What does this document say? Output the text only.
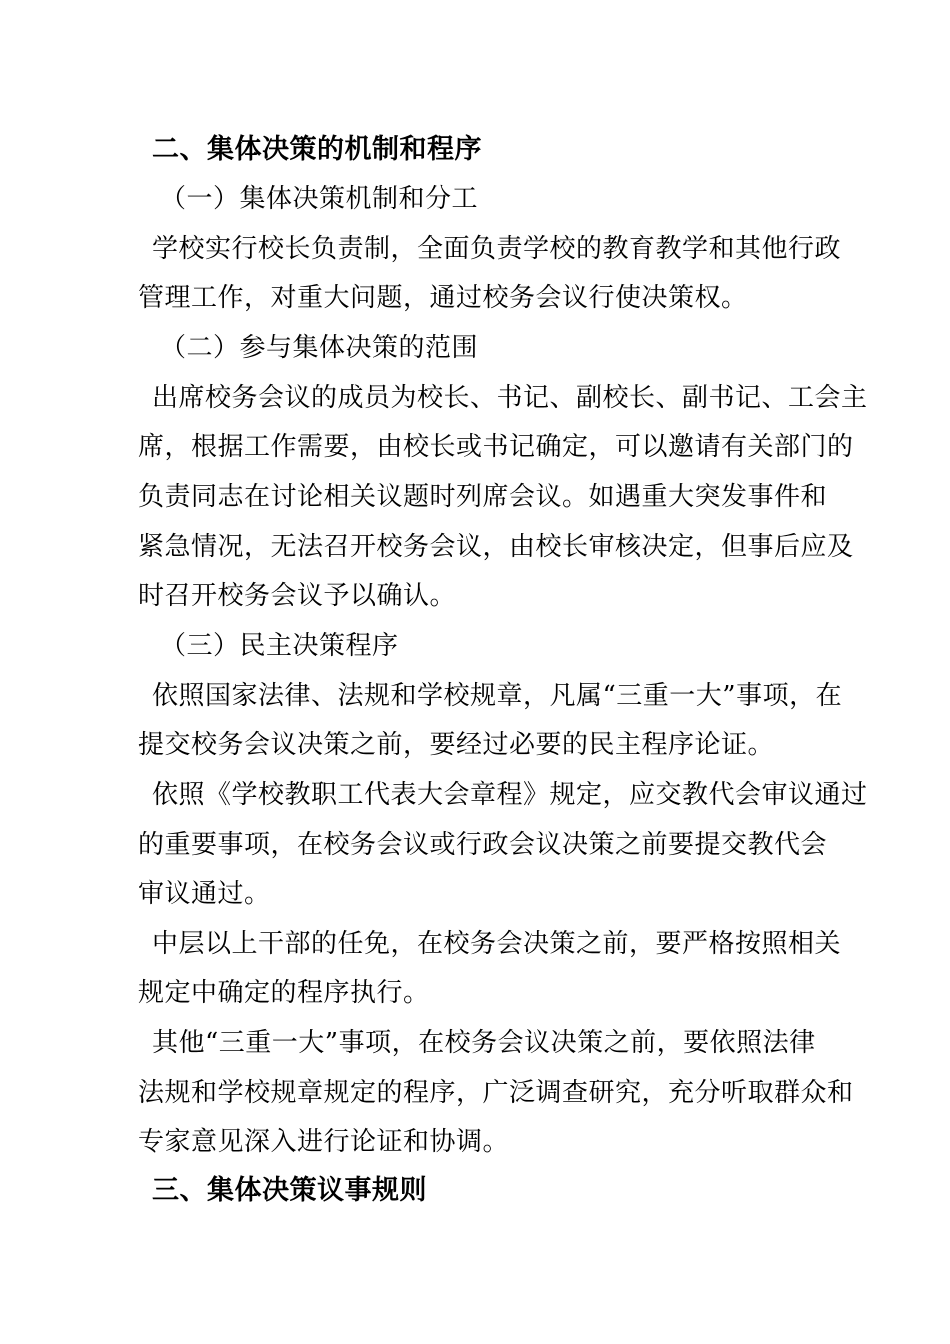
二、集体决策的机制和程序
（一）集体决策机制和分工
学校实行校长负责制，全面负责学校的教育教学和其他行政
管理工作，对重大问题，通过校务会议行使决策权。
（二）参与集体决策的范围
出席校务会议的成员为校长、书记、副校长、副书记、工会主
席，根据工作需要，由校长或书记确定，可以邀请有关部门的
负责同志在讨论相关议题时列席会议。如遇重大突发事件和
紧急情况，无法召开校务会议，由校长审核决定，但事后应及
时召开校务会议予以确认。
（三）民主决策程序
依照国家法律、法规和学校规章，凡属“三重一大”事项，在
提交校务会议决策之前，要经过必要的民主程序论证。
依照《学校教职工代表大会章程》规定，应交教代会审议通过
的重要事项，在校务会议或行政会议决策之前要提交教代会
审议通过。
中层以上干部的任免，在校务会决策之前，要严格按照相关
规定中确定的程序执行。
其他“三重一大”事项，在校务会议决策之前，要依照法律
法规和学校规章规定的程序，广泛调查研究，充分听取群众和
专家意见深入进行论证和协调。
三、集体决策议事规则
